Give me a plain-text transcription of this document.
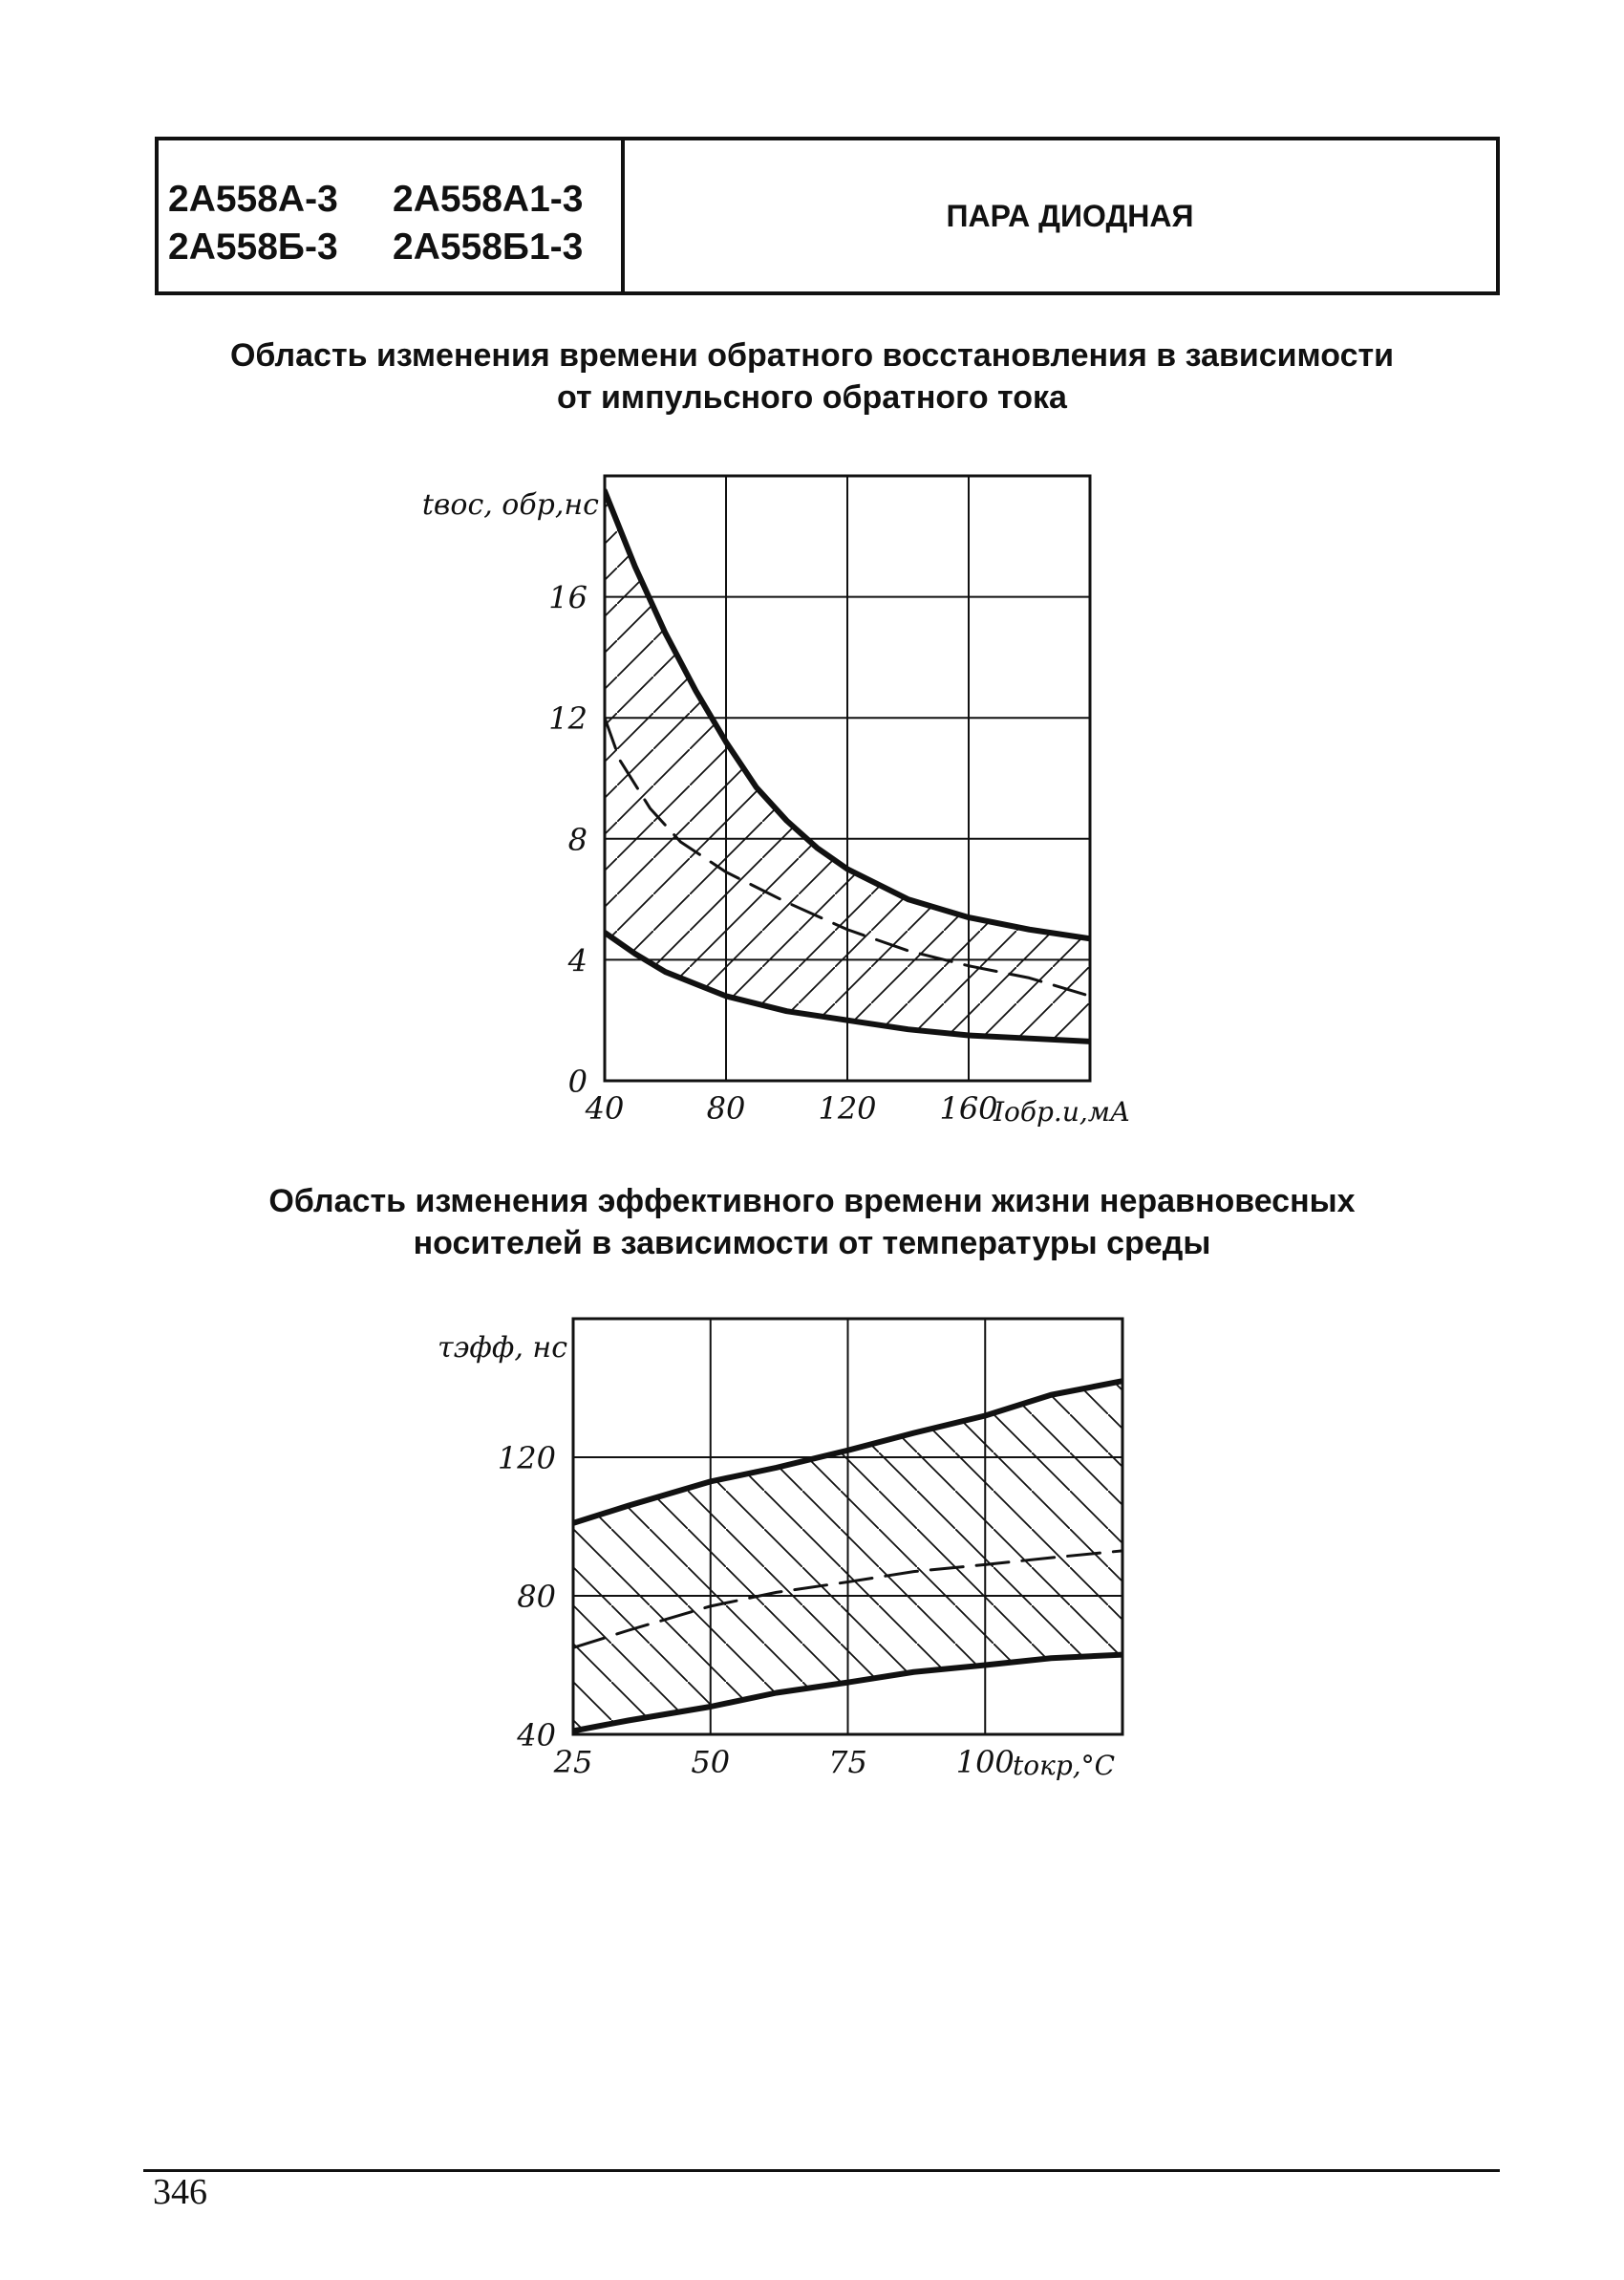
2А558А-3	2А558А1-3
2А558Б-3	2А558Б1-3
ПАРА ДИОДНАЯ
Область изменения времени обратного восстановления в зависимости
от импульсного обратного тока
0
4
8
12
16
40	80 120 160
tвос, обр,нс
Iобр.и,мА
Область изменения эффективного времени жизни неравновесных
носителей в зависимости от температуры среды
40
80
120
25	50	75	100
τэфф, нс
tокр,°С
346
